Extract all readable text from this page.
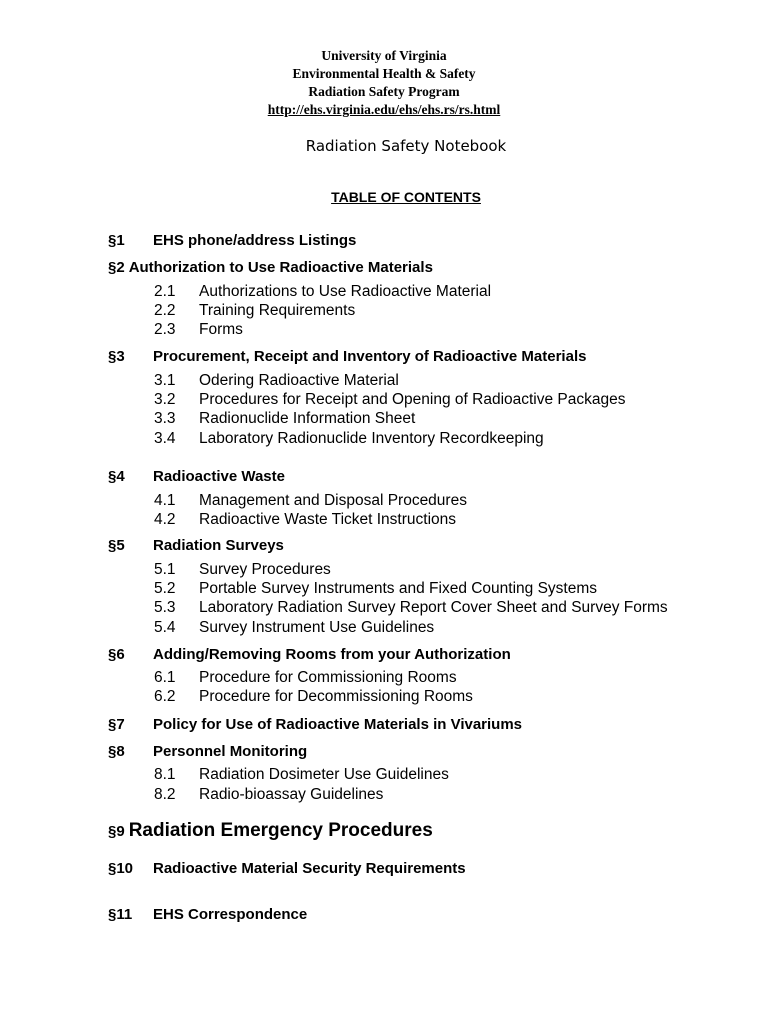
University of Virginia
Environmental Health & Safety
Radiation Safety Program
http://ehs.virginia.edu/ehs/ehs.rs/rs.html
Radiation Safety Notebook
TABLE OF CONTENTS
§1 EHS phone/address Listings
§2 Authorization to Use Radioactive Materials
2.1 Authorizations to Use Radioactive Material
2.2 Training Requirements
2.3 Forms
§3 Procurement, Receipt and Inventory of Radioactive Materials
3.1 Odering Radioactive Material
3.2 Procedures for Receipt and Opening of Radioactive Packages
3.3 Radionuclide Information Sheet
3.4 Laboratory Radionuclide Inventory Recordkeeping
§4 Radioactive Waste
4.1 Management and Disposal Procedures
4.2 Radioactive Waste Ticket Instructions
§5 Radiation Surveys
5.1 Survey Procedures
5.2 Portable Survey Instruments and Fixed Counting Systems
5.3 Laboratory Radiation Survey Report Cover Sheet and Survey Forms
5.4 Survey Instrument Use Guidelines
§6 Adding/Removing Rooms from your Authorization
6.1 Procedure for Commissioning Rooms
6.2 Procedure for Decommissioning Rooms
§7 Policy for Use of Radioactive Materials in Vivariums
§8 Personnel Monitoring
8.1 Radiation Dosimeter Use Guidelines
8.2 Radio-bioassay Guidelines
§9 Radiation Emergency Procedures
§10 Radioactive Material Security Requirements
§11 EHS Correspondence
